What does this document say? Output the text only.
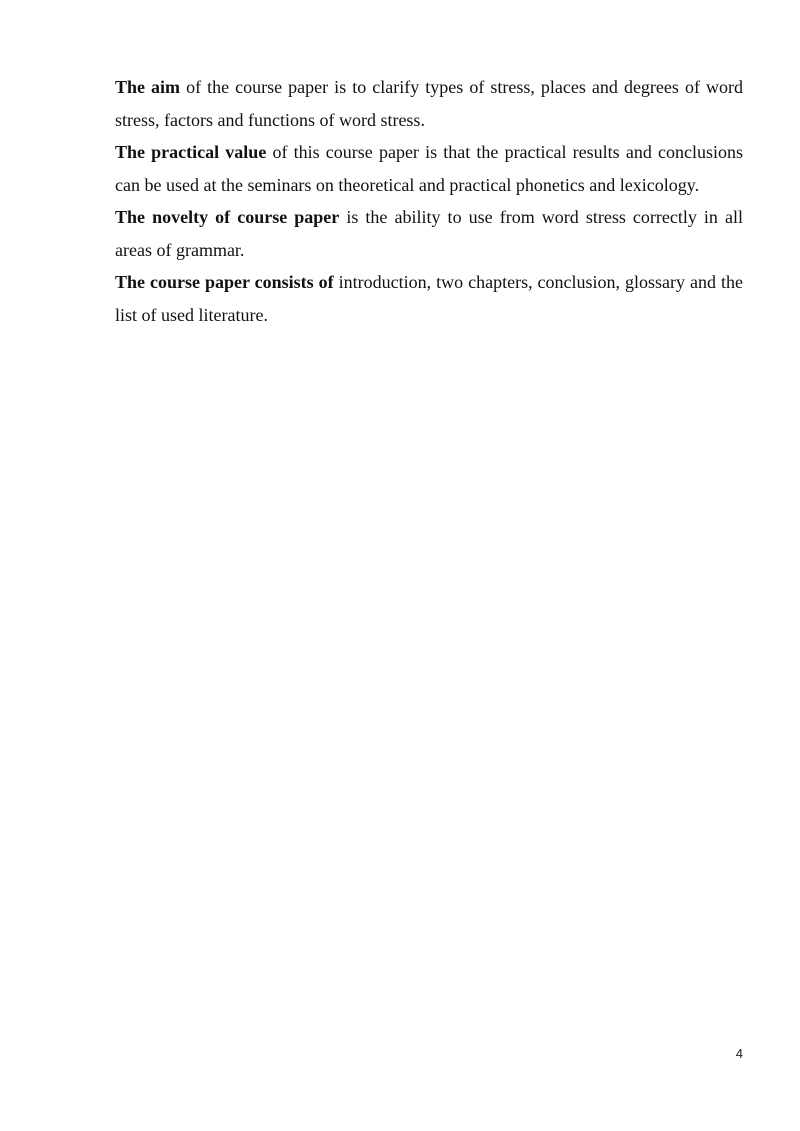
The aim of the course paper is to clarify types of stress, places and degrees of word stress, factors and functions of word stress.

The practical value of this course paper is that the practical results and conclusions can be used at the seminars on theoretical and practical phonetics and lexicology.

The novelty of course paper is the ability to use from word stress correctly in all areas of grammar.

The course paper consists of introduction, two chapters, conclusion, glossary and the list of used literature.

4
